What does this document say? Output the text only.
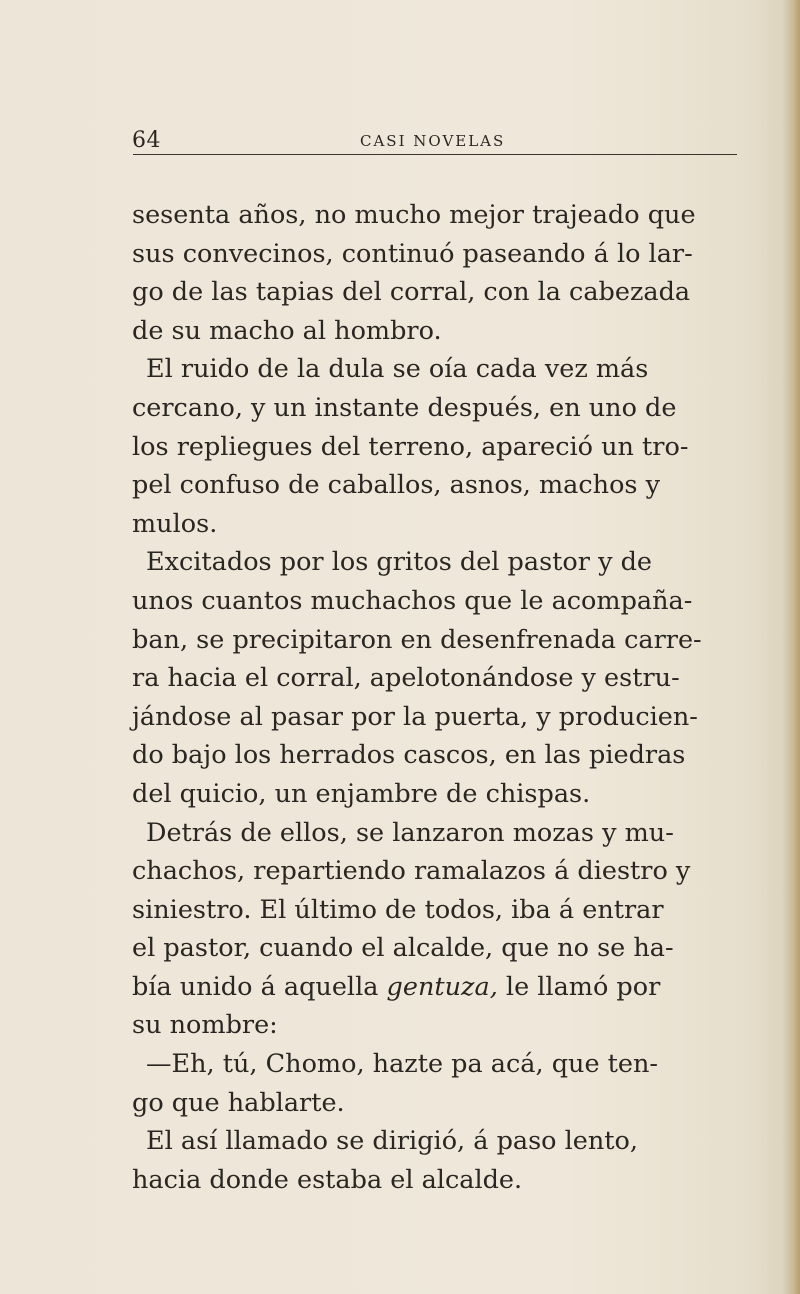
64	CASI NOVELAS
sesenta años, no mucho mejor trajeado que
sus convecinos, continuó paseando á lo lar-
go de las tapias del corral, con la cabezada
de su macho al hombro.
El ruido de la dula se oía cada vez más
cercano, y un instante después, en uno de
los repliegues del terreno, apareció un tro-
pel confuso de caballos, asnos, machos y
mulos.
Excitados por los gritos del pastor y de
unos cuantos muchachos que le acompaña-
ban, se precipitaron en desenfrenada carre-
ra hacia el corral, apelotonándose y estru-
jándose al pasar por la puerta, y producien-
do bajo los herrados cascos, en las piedras
del quicio, un enjambre de chispas.
Detrás de ellos, se lanzaron mozas y mu-
chachos, repartiendo ramalazos á diestro y
siniestro. El último de todos, iba á entrar
el pastor, cuando el alcalde, que no se ha-
bía unido á aquella gentuza, le llamó por
su nombre:
—Eh, tú, Chomo, hazte pa acá, que ten-
go que hablarte.
El así llamado se dirigió, á paso lento,
hacia donde estaba el alcalde.
